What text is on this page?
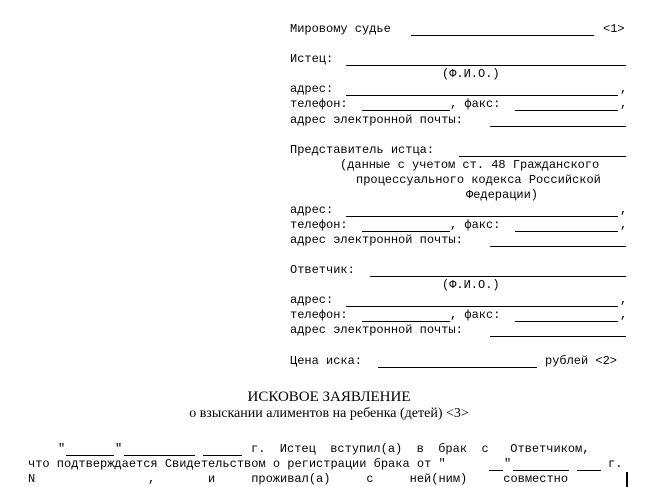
Мировому судье	<1>
Истец:
(Ф.И.О.)
адрес:	,
телефон:	, факс:	,
адрес электронной почты:
Представитель истца:
(данные с учетом ст. 48 Гражданского
процессуального кодекса Российской
Федерации)
адрес:	,
телефон:	, факс:	,
адрес электронной почты:
Ответчик:
(Ф.И.О.)
адрес:	,
телефон:	, факс:	,
адрес электронной почты:
Цена иска:	рублей <2>
ИСКОВОЕ ЗАЯВЛЕНИЕ
о взыскании алиментов на ребенка (детей) <3>
"	"	г.  Истец  вступил(а)  в  брак  с   Ответчиком,
что подтверждается Свидетельством о регистрации брака от "	"	г.
N	,	и     проживал(а)     с     ней(ним)     совместно
